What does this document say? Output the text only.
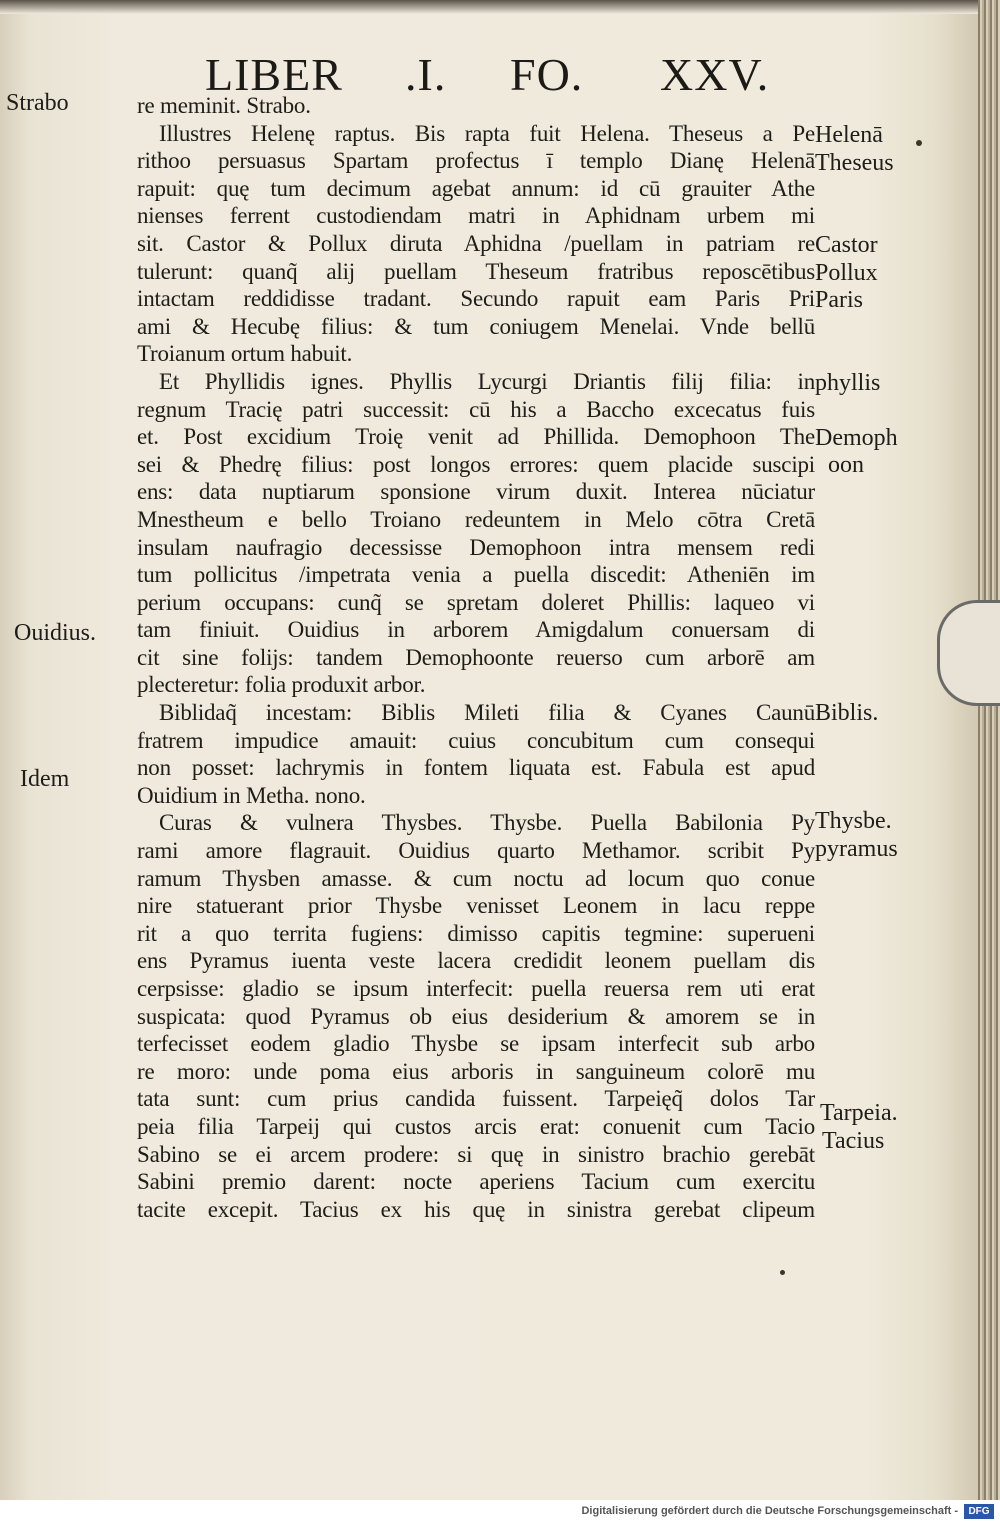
LIBER .I. FO. XXV.
re meminit. Strabo.
Illustres Helenę raptus. Bis rapta fuit Helena. Theseus a Pe
rithoo persuasus Spartam profectus ī templo Dianę Helenā
rapuit: quę tum decimum agebat annum: id cū grauiter Athe
nienses ferrent custodiendam matri in Aphidnam urbem mi
sit. Castor & Pollux diruta Aphidna /puellam in patriam re
tulerunt: quanq̃ alij puellam Theseum fratribus reposcētibus
intactam reddidisse tradant. Secundo rapuit eam Paris Pri
ami & Hecubę filius: & tum coniugem Menelai. Vnde bellū
Troianum ortum habuit.
Et Phyllidis ignes. Phyllis Lycurgi Driantis filij filia: in
regnum Tracię patri successit: cū his a Baccho excecatus fuis
et. Post excidium Troię venit ad Phillida. Demophoon The
sei & Phedrę filius: post longos errores: quem placide suscipi
ens: data nuptiarum sponsione virum duxit. Interea nūciatur
Mnestheum e bello Troiano redeuntem in Melo cōtra Cretā
insulam naufragio decessisse Demophoon intra mensem redi
tum pollicitus /impetrata venia a puella discedit: Atheniēn im
perium occupans: cunq̃ se spretam doleret Phillis: laqueo vi
tam finiuit. Ouidius in arborem Amigdalum conuersam di
cit sine folijs: tandem Demophoonte reuerso cum arborē am
plecteretur: folia produxit arbor.
Biblidaq̃ incestam: Biblis Mileti filia & Cyanes Caunū
fratrem impudice amauit: cuius concubitum cum consequi
non posset: lachrymis in fontem liquata est. Fabula est apud
Ouidium in Metha. nono.
Curas & vulnera Thysbes. Thysbe. Puella Babilonia Py
rami amore flagrauit. Ouidius quarto Methamor. scribit Py
ramum Thysben amasse. & cum noctu ad locum quo conue
nire statuerant prior Thysbe venisset Leonem in lacu reppe
rit a quo territa fugiens: dimisso capitis tegmine: superueni
ens Pyramus iuenta veste lacera credidit leonem puellam dis
cerpsisse: gladio se ipsum interfecit: puella reuersa rem uti erat
suspicata: quod Pyramus ob eius desiderium & amorem se in
terfecisset eodem gladio Thysbe se ipsam interfecit sub arbo
re moro: unde poma eius arboris in sanguineum colorē mu
tata sunt: cum prius candida fuissent. Tarpeięq̃ dolos Tar
peia filia Tarpeij qui custos arcis erat: conuenit cum Tacio
Sabino se ei arcem prodere: si quę in sinistro brachio gerebāt
Sabini premio darent: nocte aperiens Tacium cum exercitu
tacite excepit. Tacius ex his quę in sinistra gerebat clipeum
Strabo
Ouidius.
Idem
Helenā
Theseus
Castor
Pollux
Paris
phyllis
Demoph
oon
Biblis.
Thysbe.
pyramus
Tarpeia.
Tacius
Digitalisierung gefördert durch die Deutsche Forschungsgemeinschaft -	DFG
